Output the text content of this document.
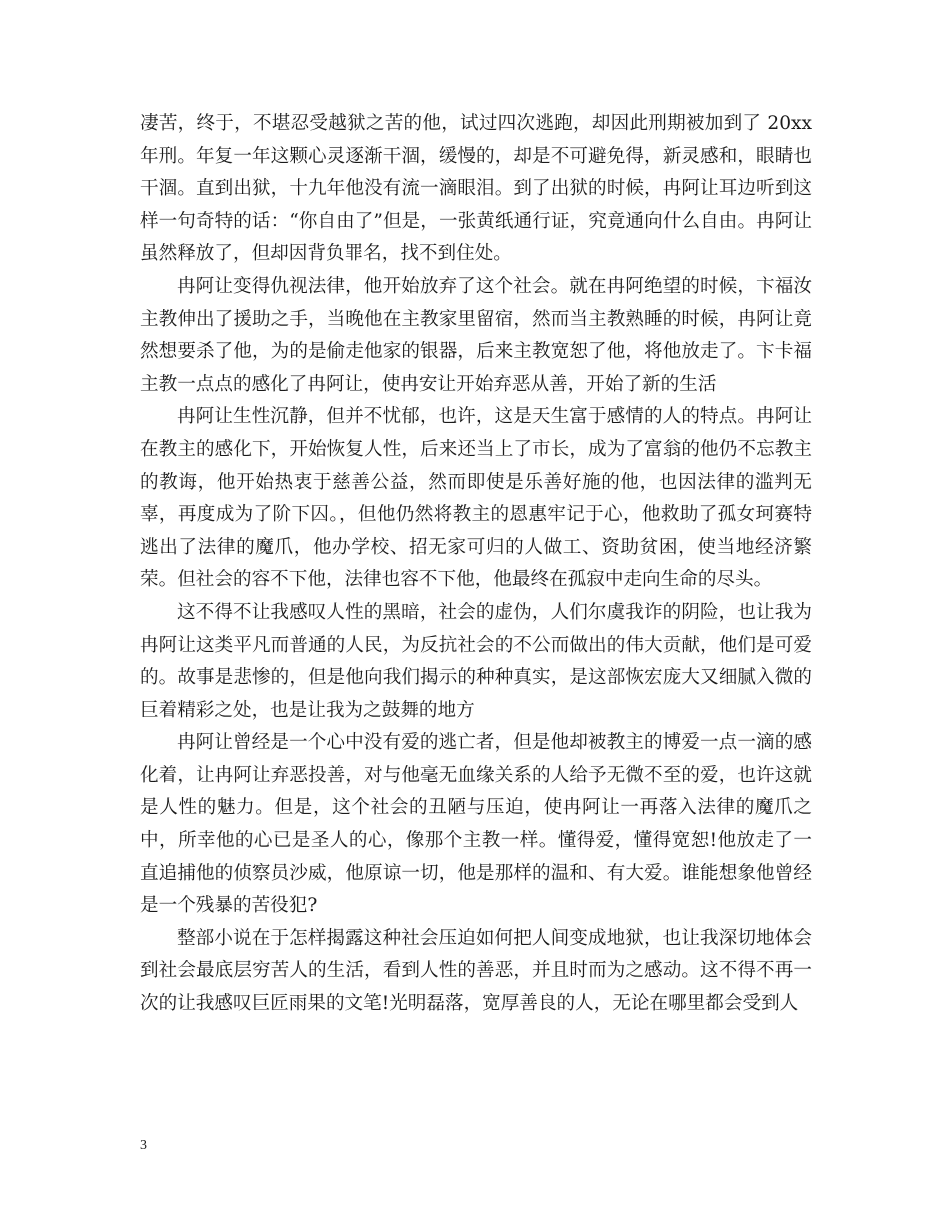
凄苦，终于，不堪忍受越狱之苦的他，试过四次逃跑，却因此刑期被加到了 20xx 年刑。年复一年这颗心灵逐渐干涸，缓慢的，却是不可避免得，新灵感和，眼睛也干涸。直到出狱，十九年他没有流一滴眼泪。到了出狱的时候，冉阿让耳边听到这样一句奇特的话：“你自由了”但是，一张黄纸通行证，究竟通向什么自由。冉阿让虽然释放了，但却因背负罪名，找不到住处。

冉阿让变得仇视法律，他开始放弃了这个社会。就在冉阿绝望的时候，卞福汝主教伸出了援助之手，当晚他在主教家里留宿，然而当主教熟睡的时候，冉阿让竟然想要杀了他，为的是偷走他家的银器，后来主教宽恕了他，将他放走了。卞卡福主教一点点的感化了冉阿让，使冉安让开始弃恶从善，开始了新的生活

冉阿让生性沉静，但并不忧郁，也许，这是天生富于感情的人的特点。冉阿让在教主的感化下，开始恢复人性，后来还当上了市长，成为了富翁的他仍不忘教主的教诲，他开始热衷于慈善公益，然而即使是乐善好施的他，也因法律的滥判无辜，再度成为了阶下囚。，但他仍然将教主的恩惠牢记于心，他救助了孤女珂赛特逃出了法律的魔爪，他办学校、招无家可归的人做工、资助贫困，使当地经济繁荣。但社会的容不下他，法律也容不下他，他最终在孤寂中走向生命的尽头。

这不得不让我感叹人性的黑暗，社会的虚伪，人们尔虞我诈的阴险，也让我为冉阿让这类平凡而普通的人民，为反抗社会的不公而做出的伟大贡献，他们是可爱的。故事是悲惨的，但是他向我们揭示的种种真实，是这部恢宏庞大又细腻入微的巨着精彩之处，也是让我为之鼓舞的地方

冉阿让曾经是一个心中没有爱的逃亡者，但是他却被教主的博爱一点一滴的感化着，让冉阿让弃恶投善，对与他毫无血缘关系的人给予无微不至的爱，也许这就是人性的魅力。但是，这个社会的丑陋与压迫，使冉阿让一再落入法律的魔爪之中，所幸他的心已是圣人的心，像那个主教一样。懂得爱，懂得宽恕!他放走了一直追捕他的侦察员沙威，他原谅一切，他是那样的温和、有大爱。谁能想象他曾经是一个残暴的苦役犯?

整部小说在于怎样揭露这种社会压迫如何把人间变成地狱，也让我深切地体会到社会最底层穷苦人的生活，看到人性的善恶，并且时而为之感动。这不得不再一次的让我感叹巨匠雨果的文笔!光明磊落，宽厚善良的人，无论在哪里都会受到人

3
